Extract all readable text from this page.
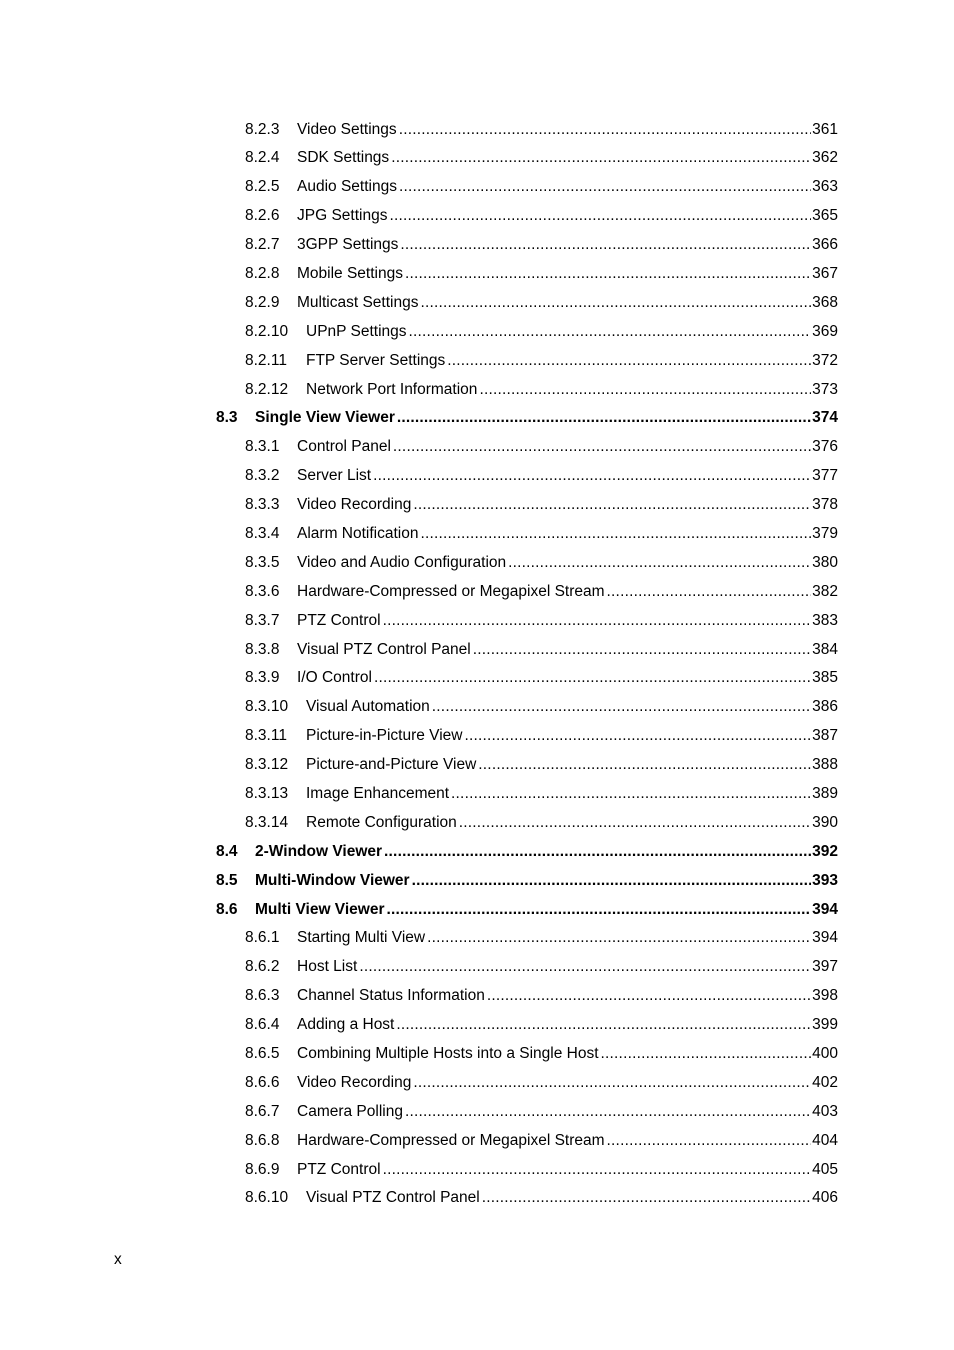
8.2.3	Video Settings .....	361
8.2.4	SDK Settings .....	362
8.2.5	Audio Settings .....	363
8.2.6	JPG Settings .....	365
8.2.7	3GPP Settings .....	366
8.2.8	Mobile Settings .....	367
8.2.9	Multicast Settings .....	368
8.2.10	UPnP Settings .....	369
8.2.11	FTP Server Settings .....	372
8.2.12	Network Port Information .....	373
8.3	Single View Viewer .....	374
8.3.1	Control Panel .....	376
8.3.2	Server List .....	377
8.3.3	Video Recording .....	378
8.3.4	Alarm Notification .....	379
8.3.5	Video and Audio Configuration .....	380
8.3.6	Hardware-Compressed or Megapixel Stream .....	382
8.3.7	PTZ Control .....	383
8.3.8	Visual PTZ Control Panel .....	384
8.3.9	I/O Control .....	385
8.3.10	Visual Automation .....	386
8.3.11	Picture-in-Picture View .....	387
8.3.12	Picture-and-Picture View .....	388
8.3.13	Image Enhancement .....	389
8.3.14	Remote Configuration .....	390
8.4	2-Window Viewer .....	392
8.5	Multi-Window Viewer .....	393
8.6	Multi View Viewer .....	394
8.6.1	Starting Multi View .....	394
8.6.2	Host List .....	397
8.6.3	Channel Status Information .....	398
8.6.4	Adding a Host .....	399
8.6.5	Combining Multiple Hosts into a Single Host .....	400
8.6.6	Video Recording .....	402
8.6.7	Camera Polling .....	403
8.6.8	Hardware-Compressed or Megapixel Stream .....	404
8.6.9	PTZ Control .....	405
8.6.10	Visual PTZ Control Panel .....	406
x
